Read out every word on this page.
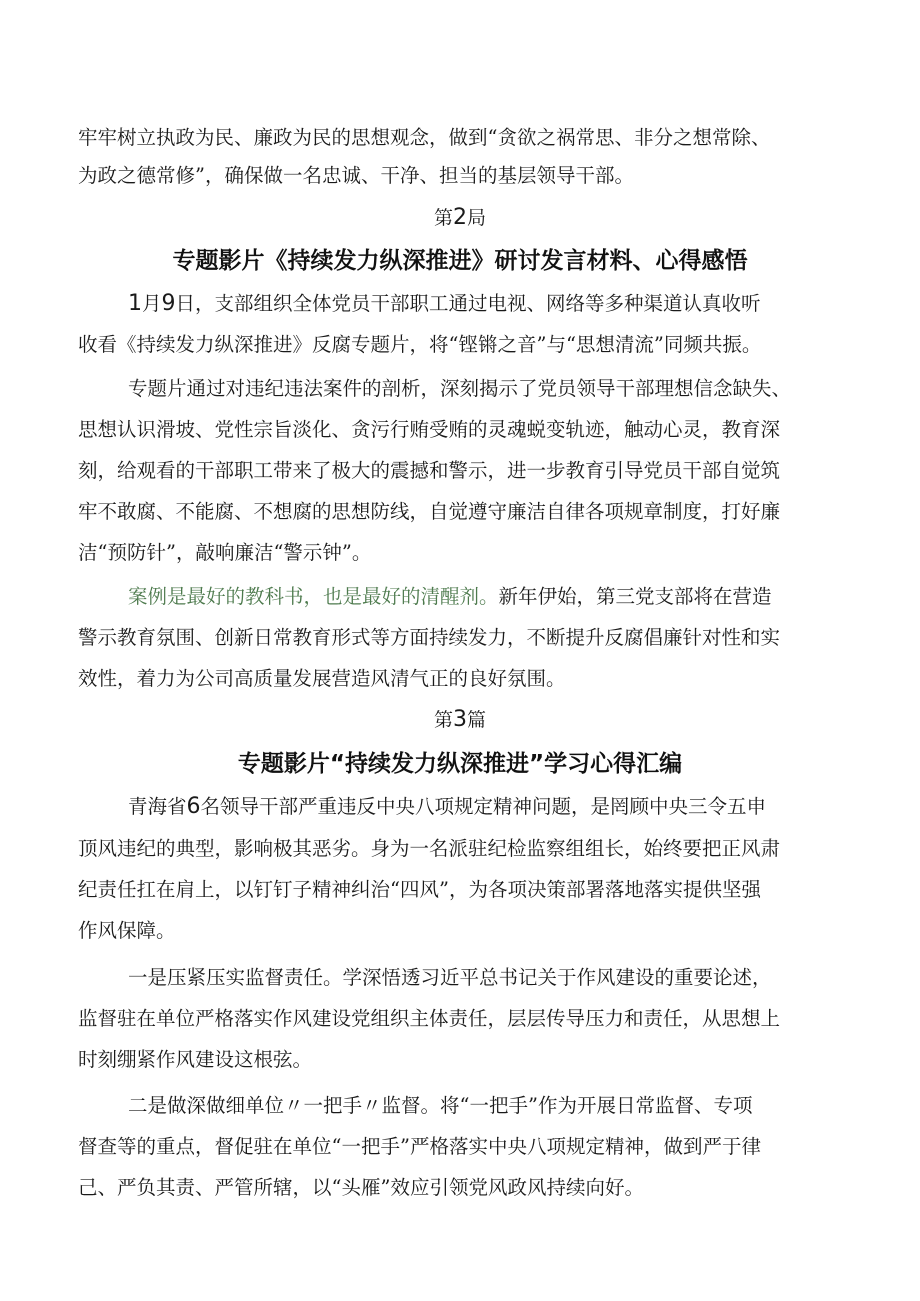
牢牢树立执政为民、廉政为民的思想观念，做到“贪欲之祸常思、非分之想常除、
为政之德常修”，确保做一名忠诚、干净、担当的基层领导干部。
第2局
专题影片《持续发力纵深推进》研讨发言材料、心得感悟
1月9日，支部组织全体党员干部职工通过电视、网络等多种渠道认真收听
收看《持续发力纵深推进》反腐专题片，将“铿锵之音”与“思想清流”同频共振。
专题片通过对违纪违法案件的剖析，深刻揭示了党员领导干部理想信念缺失、
思想认识滑坡、党性宗旨淡化、贪污行贿受贿的灵魂蜕变轨迹，触动心灵，教育深
刻，给观看的干部职工带来了极大的震撼和警示，进一步教育引导党员干部自觉筑
牢不敢腐、不能腐、不想腐的思想防线，自觉遵守廉洁自律各项规章制度，打好廉
洁“预防针”，敲响廉洁“警示钟”。
案例是最好的教科书，也是最好的清醒剂。新年伊始，第三党支部将在营造
警示教育氛围、创新日常教育形式等方面持续发力，不断提升反腐倡廉针对性和实
效性，着力为公司高质量发展营造风清气正的良好氛围。
第3篇
专题影片“持续发力纵深推进”学习心得汇编
青海省6名领导干部严重违反中央八项规定精神问题，是罔顾中央三令五申
顶风违纪的典型，影响极其恶劣。身为一名派驻纪检监察组组长，始终要把正风肃
纪责任扛在肩上，以钉钉子精神纠治“四风”，为各项决策部署落地落实提供坚强
作风保障。
一是压紧压实监督责任。学深悟透习近平总书记关于作风建设的重要论述，
监督驻在单位严格落实作风建设党组织主体责任，层层传导压力和责任，从思想上
时刻绷紧作风建设这根弦。
二是做深做细单位〃一把手〃监督。将“一把手”作为开展日常监督、专项
督查等的重点，督促驻在单位“一把手”严格落实中央八项规定精神，做到严于律
己、严负其责、严管所辖，以“头雁”效应引领党风政风持续向好。
